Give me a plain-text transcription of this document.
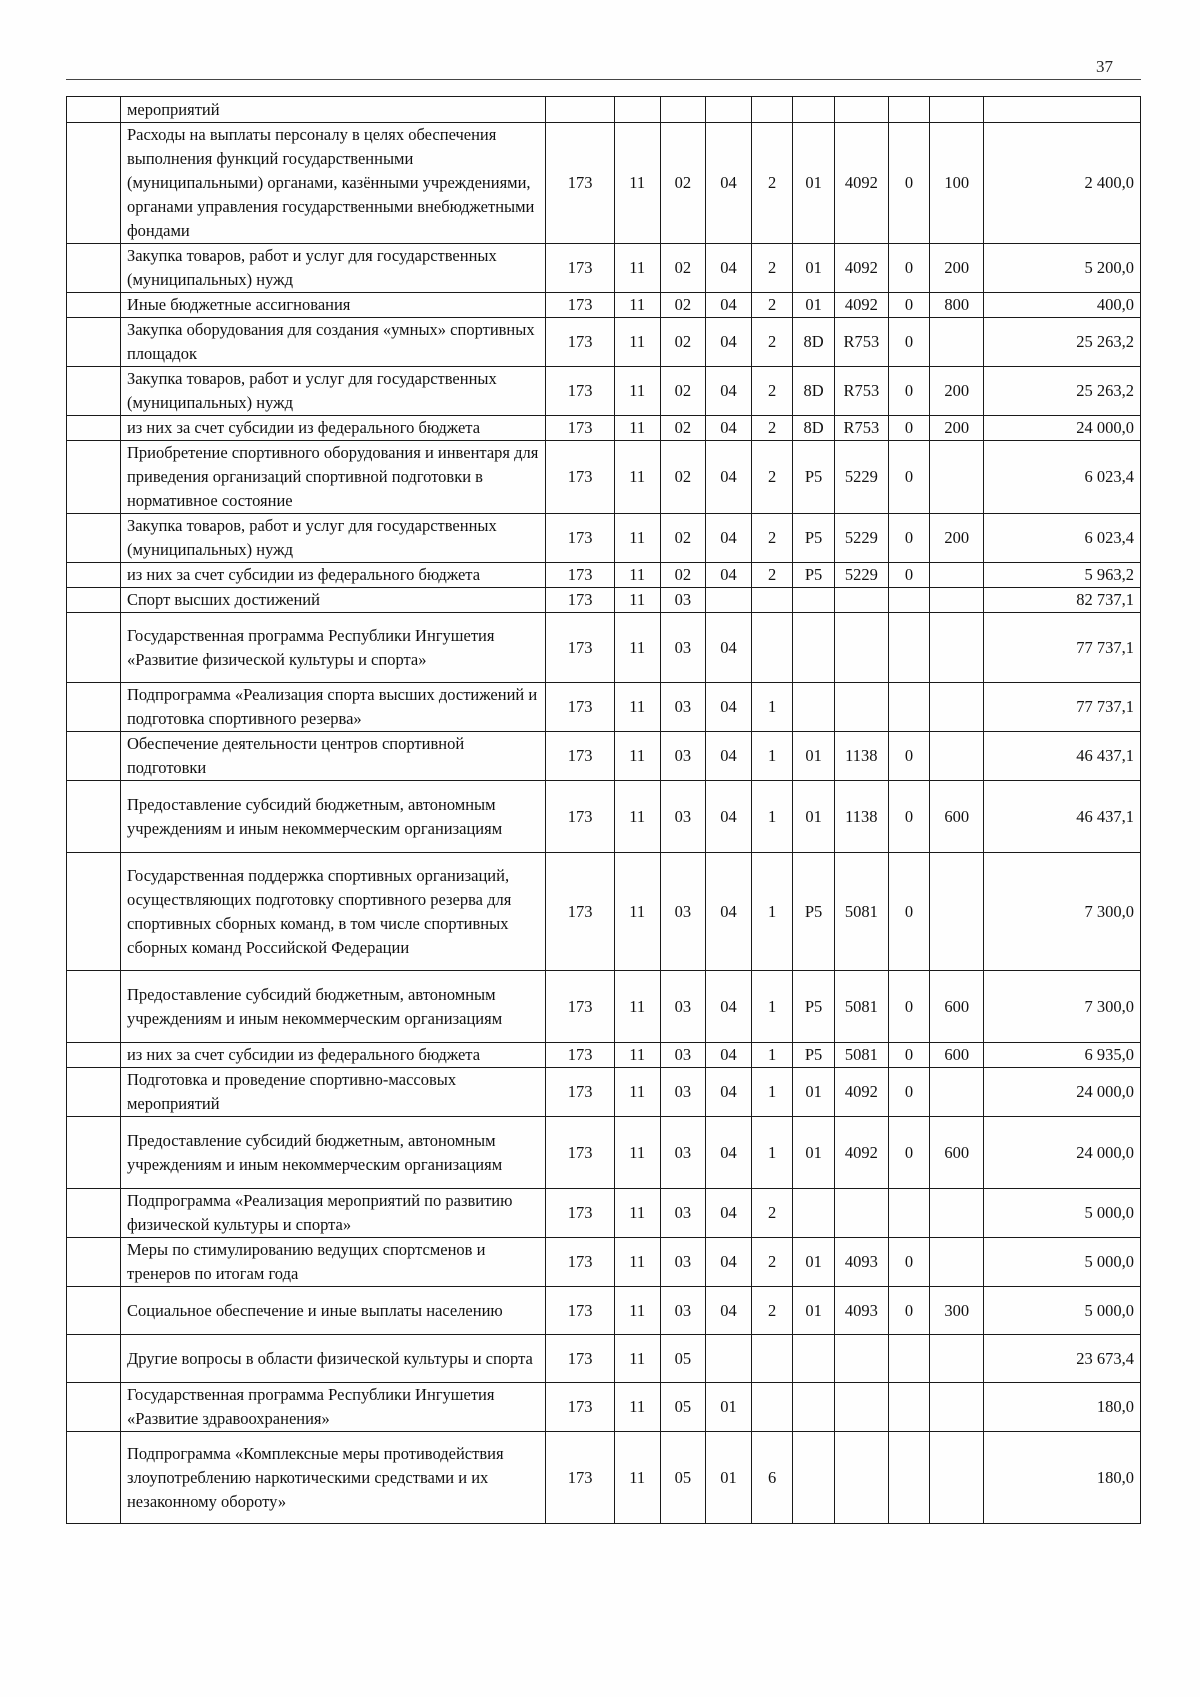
37
	мероприятий										
	Расходы на выплаты персоналу в целях обеспечения выполнения функций государственными (муниципальными) органами, казёнными учреждениями, органами управления государственными внебюджетными фондами	173	11	02	04	2	01	4092	0	100	2 400,0
	Закупка товаров, работ и услуг для государственных (муниципальных) нужд	173	11	02	04	2	01	4092	0	200	5 200,0
	Иные бюджетные ассигнования	173	11	02	04	2	01	4092	0	800	400,0
	Закупка оборудования для создания «умных» спортивных площадок	173	11	02	04	2	8D	R753	0		25 263,2
	Закупка товаров, работ и услуг для государственных (муниципальных) нужд	173	11	02	04	2	8D	R753	0	200	25 263,2
	из них за счет субсидии из федерального бюджета	173	11	02	04	2	8D	R753	0	200	24 000,0
	Приобретение спортивного оборудования и инвентаря для приведения организаций спортивной подготовки в нормативное состояние	173	11	02	04	2	P5	5229	0		6 023,4
	Закупка товаров, работ и услуг для государственных (муниципальных) нужд	173	11	02	04	2	P5	5229	0	200	6 023,4
	из них за счет субсидии из федерального бюджета	173	11	02	04	2	P5	5229	0		5 963,2
	Спорт высших достижений	173	11	03							82 737,1
	Государственная программа Республики Ингушетия «Развитие физической культуры и спорта»	173	11	03	04						77 737,1
	Подпрограмма «Реализация спорта высших достижений и подготовка спортивного резерва»	173	11	03	04	1					77 737,1
	Обеспечение деятельности центров спортивной подготовки	173	11	03	04	1	01	1138	0		46 437,1
	Предоставление субсидий бюджетным, автономным учреждениям и иным некоммерческим организациям	173	11	03	04	1	01	1138	0	600	46 437,1
	Государственная поддержка спортивных организаций, осуществляющих подготовку спортивного резерва для спортивных сборных команд, в том числе спортивных сборных команд Российской Федерации	173	11	03	04	1	P5	5081	0		7 300,0
	Предоставление субсидий бюджетным, автономным учреждениям и иным некоммерческим организациям	173	11	03	04	1	P5	5081	0	600	7 300,0
	из них за счет субсидии из федерального бюджета	173	11	03	04	1	P5	5081	0	600	6 935,0
	Подготовка и проведение спортивно-массовых мероприятий	173	11	03	04	1	01	4092	0		24 000,0
	Предоставление субсидий бюджетным, автономным учреждениям и иным некоммерческим организациям	173	11	03	04	1	01	4092	0	600	24 000,0
	Подпрограмма «Реализация мероприятий по развитию физической культуры и спорта»	173	11	03	04	2					5 000,0
	Меры по стимулированию ведущих спортсменов и тренеров по итогам года	173	11	03	04	2	01	4093	0		5 000,0
	Социальное обеспечение и иные выплаты населению	173	11	03	04	2	01	4093	0	300	5 000,0
	Другие вопросы в области физической культуры и спорта	173	11	05							23 673,4
	Государственная программа Республики Ингушетия «Развитие здравоохранения»	173	11	05	01						180,0
	Подпрограмма «Комплексные меры противодействия злоупотреблению наркотическими средствами и их незаконному обороту»	173	11	05	01	6					180,0
